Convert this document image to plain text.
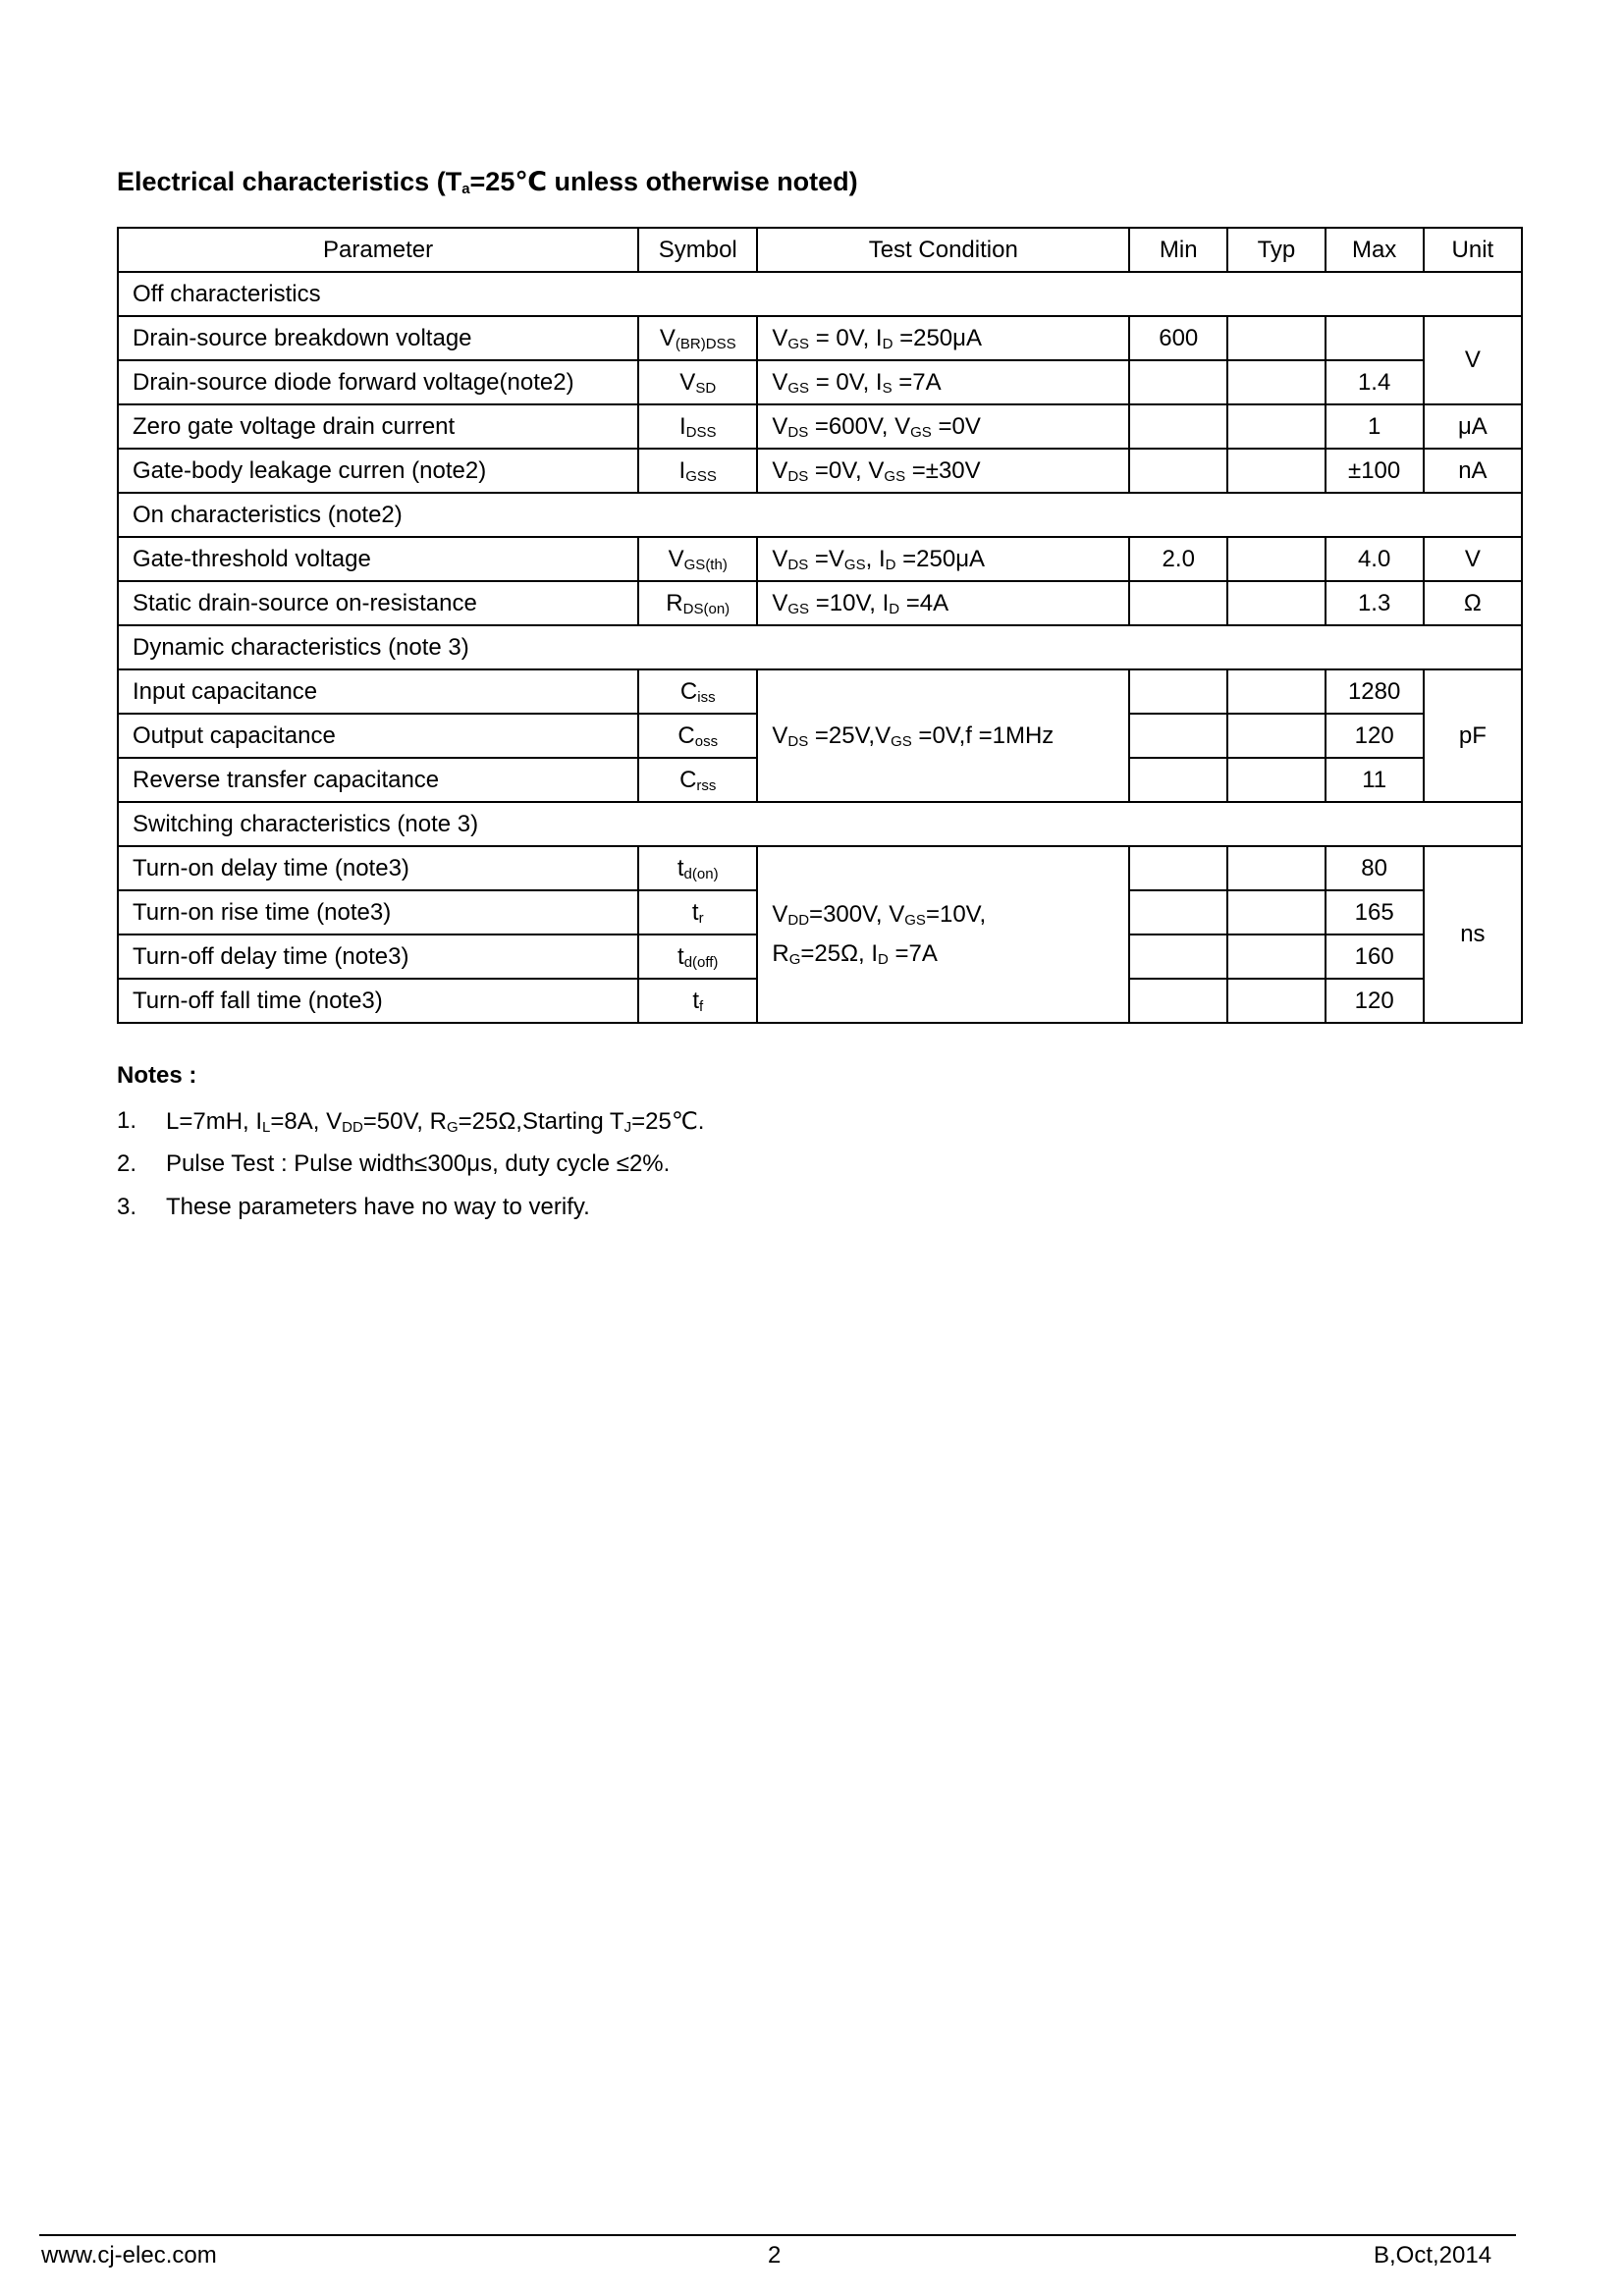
Electrical characteristics ($T_a=25℃$ unless otherwise noted)
Parameter	Symbol	Test Condition	Min	Typ	Max	Unit
Off characteristics						
Drain-source breakdown voltage	$V_{(BR)DSS}$	$V_{GS} = 0V$, $I_D =250\mu A$	600			V
Drain-source diode forward voltage(note2)	$V_{SD}$	$V_{GS} = 0V$, $I_S =7A$			1.4	
Zero gate voltage drain current	$I_{DSS}$	$V_{DS} =600V$, $V_{GS} =0V$			1	μA
Gate-body leakage curren (note2)	$I_{GSS}$	$V_{DS} =0V$, $V_{GS} =\pm 30V$			±100	nA
On characteristics (note2)						
Gate-threshold voltage	$V_{GS(th)}$	$V_{DS} =V_{GS}$, $I_D =250\mu A$	2.0		4.0	V
Static drain-source on-resistance	$R_{DS(on)}$	$V_{GS} =10V$, $I_D =4A$			1.3	Ω
Dynamic characteristics (note 3)						
Input capacitance	$C_{iss}$	$V_{DS} =25V,V_{GS} =0V,f =1MHz$			1280	pF
Output capacitance	$C_{oss}$				120	
Reverse transfer capacitance	$C_{rss}$				11	
Switching characteristics (note 3)						
Turn-on delay time (note3)	$t_{d(on)}$	$V_{DD}=300V$, $V_{GS}=10V$,
$R_G=25\Omega$, $I_D =7A$			80	ns
Turn-on rise time (note3)	$t_r$				165	
Turn-off delay time (note3)	$t_{d(off)}$				160	
Turn-off fall time (note3)	$t_f$				120	
Notes :
1.	L=7mH, $I_L=8A$, $V_{DD}=50V$, $R_G=25\Omega,Starting$ $T_J=25℃$.
2.	Pulse Test : Pulse width≤300μs, duty cycle ≤2%.
3.	These parameters have no way to verify.
www.cj-elec.com	2	B,Oct,2014
